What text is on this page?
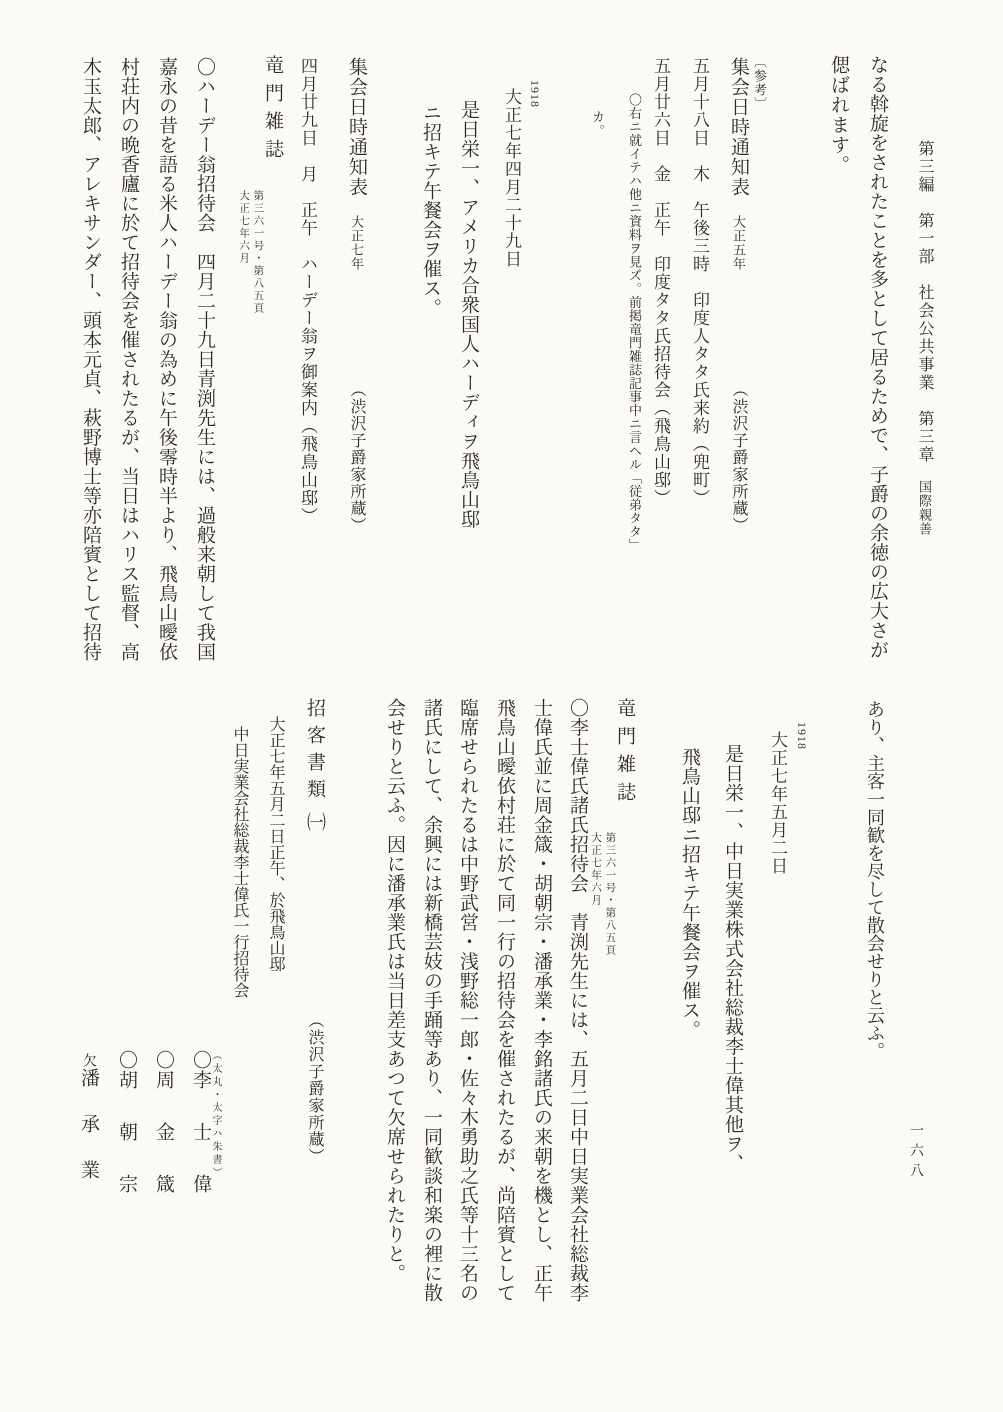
第三編　第一部　社会公共事業　第三章国際親善
なる斡旋をされたことを多として居るためで、子爵の余徳の広大さが
偲ばれます。
〔参考〕
集会日時通知表大正五年（渋沢子爵家所蔵）
五月十八日　木　午後三時　印度人タタ氏来約（兜町）
五月廿六日　金　正午　印度タタ氏招待会（飛鳥山邸）
〇右ニ就イテハ他ニ資料ヲ見ズ。前掲竜門雑誌記事中ニ言ヘル「従弟タタ」
カ。
1918
大正七年四月二十九日
是日栄一、アメリカ合衆国人ハーディヲ飛鳥山邸
ニ招キテ午餐会ヲ催ス。
集会日時通知表大正七年（渋沢子爵家所蔵）
四月廿九日　月　正午　ハーデー翁ヲ御案内（飛鳥山邸）
竜門雑誌
第三六一号・第八五頁
大正七年六月
〇ハーデー翁招待会　四月二十九日青渕先生には、過般来朝して我国
嘉永の昔を語る米人ハーデー翁の為めに午後零時半より、飛鳥山曖依
村荘内の晩香廬に於て招待会を催されたるが、当日はハリス監督、高
木玉太郎、アレキサンダー、頭本元貞、萩野博士等亦陪賓として招待
あり、主客一同歓を尽して散会せりと云ふ。
一六八
1918
大正七年五月二日
是日栄一、中日実業株式会社総裁李士偉其他ヲ、
飛鳥山邸ニ招キテ午餐会ヲ催ス。
竜門雑誌
第三六一号・第八五頁
大正七年六月
〇李士偉氏諸氏招待会　青渕先生には、五月二日中日実業会社総裁李
士偉氏並に周金箴・胡朝宗・潘承業・李銘諸氏の来朝を機とし、正午
飛鳥山曖依村荘に於て同一行の招待会を催されたるが、尚陪賓として
臨席せられたるは中野武営・浅野総一郎・佐々木勇助之氏等十三名の
諸氏にして、余興には新橋芸妓の手踊等あり、一同歓談和楽の裡に散
会せりと云ふ。因に潘承業氏は当日差支あつて欠席せられたりと。
招客書類㈠（渋沢子爵家所蔵）
大正七年五月二日正午、於飛鳥山邸
中日実業会社総裁李士偉氏一行招待会
（太丸・太字ハ朱書）
〇李士偉
〇周金箴
〇胡朝宗
欠潘承業
